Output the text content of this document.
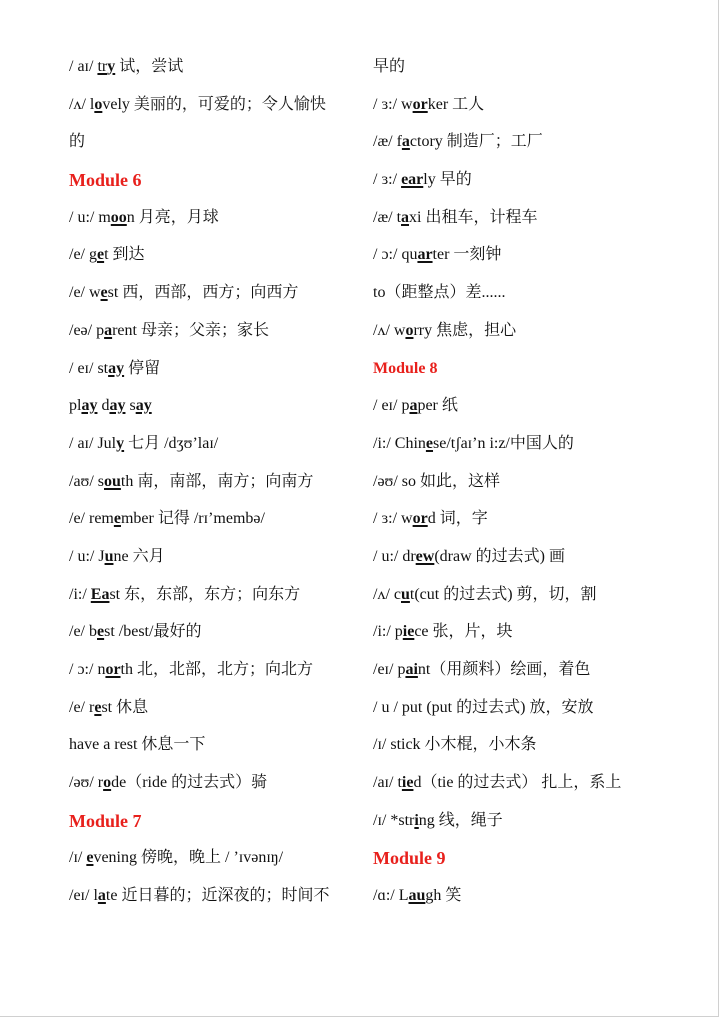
/ aɪ/ try 试，尝试
/ʌ/ lovely 美丽的，可爱的；令人愉快
的
Module 6
/ u:/ moon 月亮，月球
/e/ get 到达
/e/ west 西，西部，西方；向西方
/eə/ parent 母亲；父亲；家长
/ eɪ/ stay 停留
play day say
/ aɪ/ July 七月 /dʒʊ’laɪ/
/aʊ/ south 南，南部，南方；向南方
/e/ remember 记得 /rɪ’membə/
/ u:/ June 六月
/i:/ East 东，东部，东方；向东方
/e/ best /best/最好的
/ ɔ:/ north 北，北部，北方；向北方
/e/ rest 休息
have a rest 休息一下
/əʊ/ rode（ride 的过去式）骑
Module 7
/ɪ/ evening 傍晚，晚上 / ’ɪvənɪŋ/
/eɪ/ late 近日暮的；近深夜的；时间不
早的
/ ɜ:/ worker 工人
/æ/ factory 制造厂；工厂
/ ɜ:/ early 早的
/æ/ taxi 出租车，计程车
/ ɔ:/ quarter 一刻钟
to（距整点）差......
/ʌ/ worry 焦虑，担心
Module 8
/ eɪ/ paper 纸
/i:/ Chinese/tʃaɪ’n i:z/中国人的
/əʊ/ so 如此，这样
/ ɜ:/ word 词，字
/ u:/ drew(draw 的过去式) 画
/ʌ/ cut(cut 的过去式) 剪，切，割
/i:/ piece 张，片，块
/eɪ/ paint（用颜料）绘画，着色
/ u / put (put 的过去式) 放，安放
/ɪ/ stick 小木棍，小木条
/aɪ/ tied（tie 的过去式） 扎上，系上
/ɪ/ *string 线，绳子
Module 9
/ɑ:/ Laugh 笑
